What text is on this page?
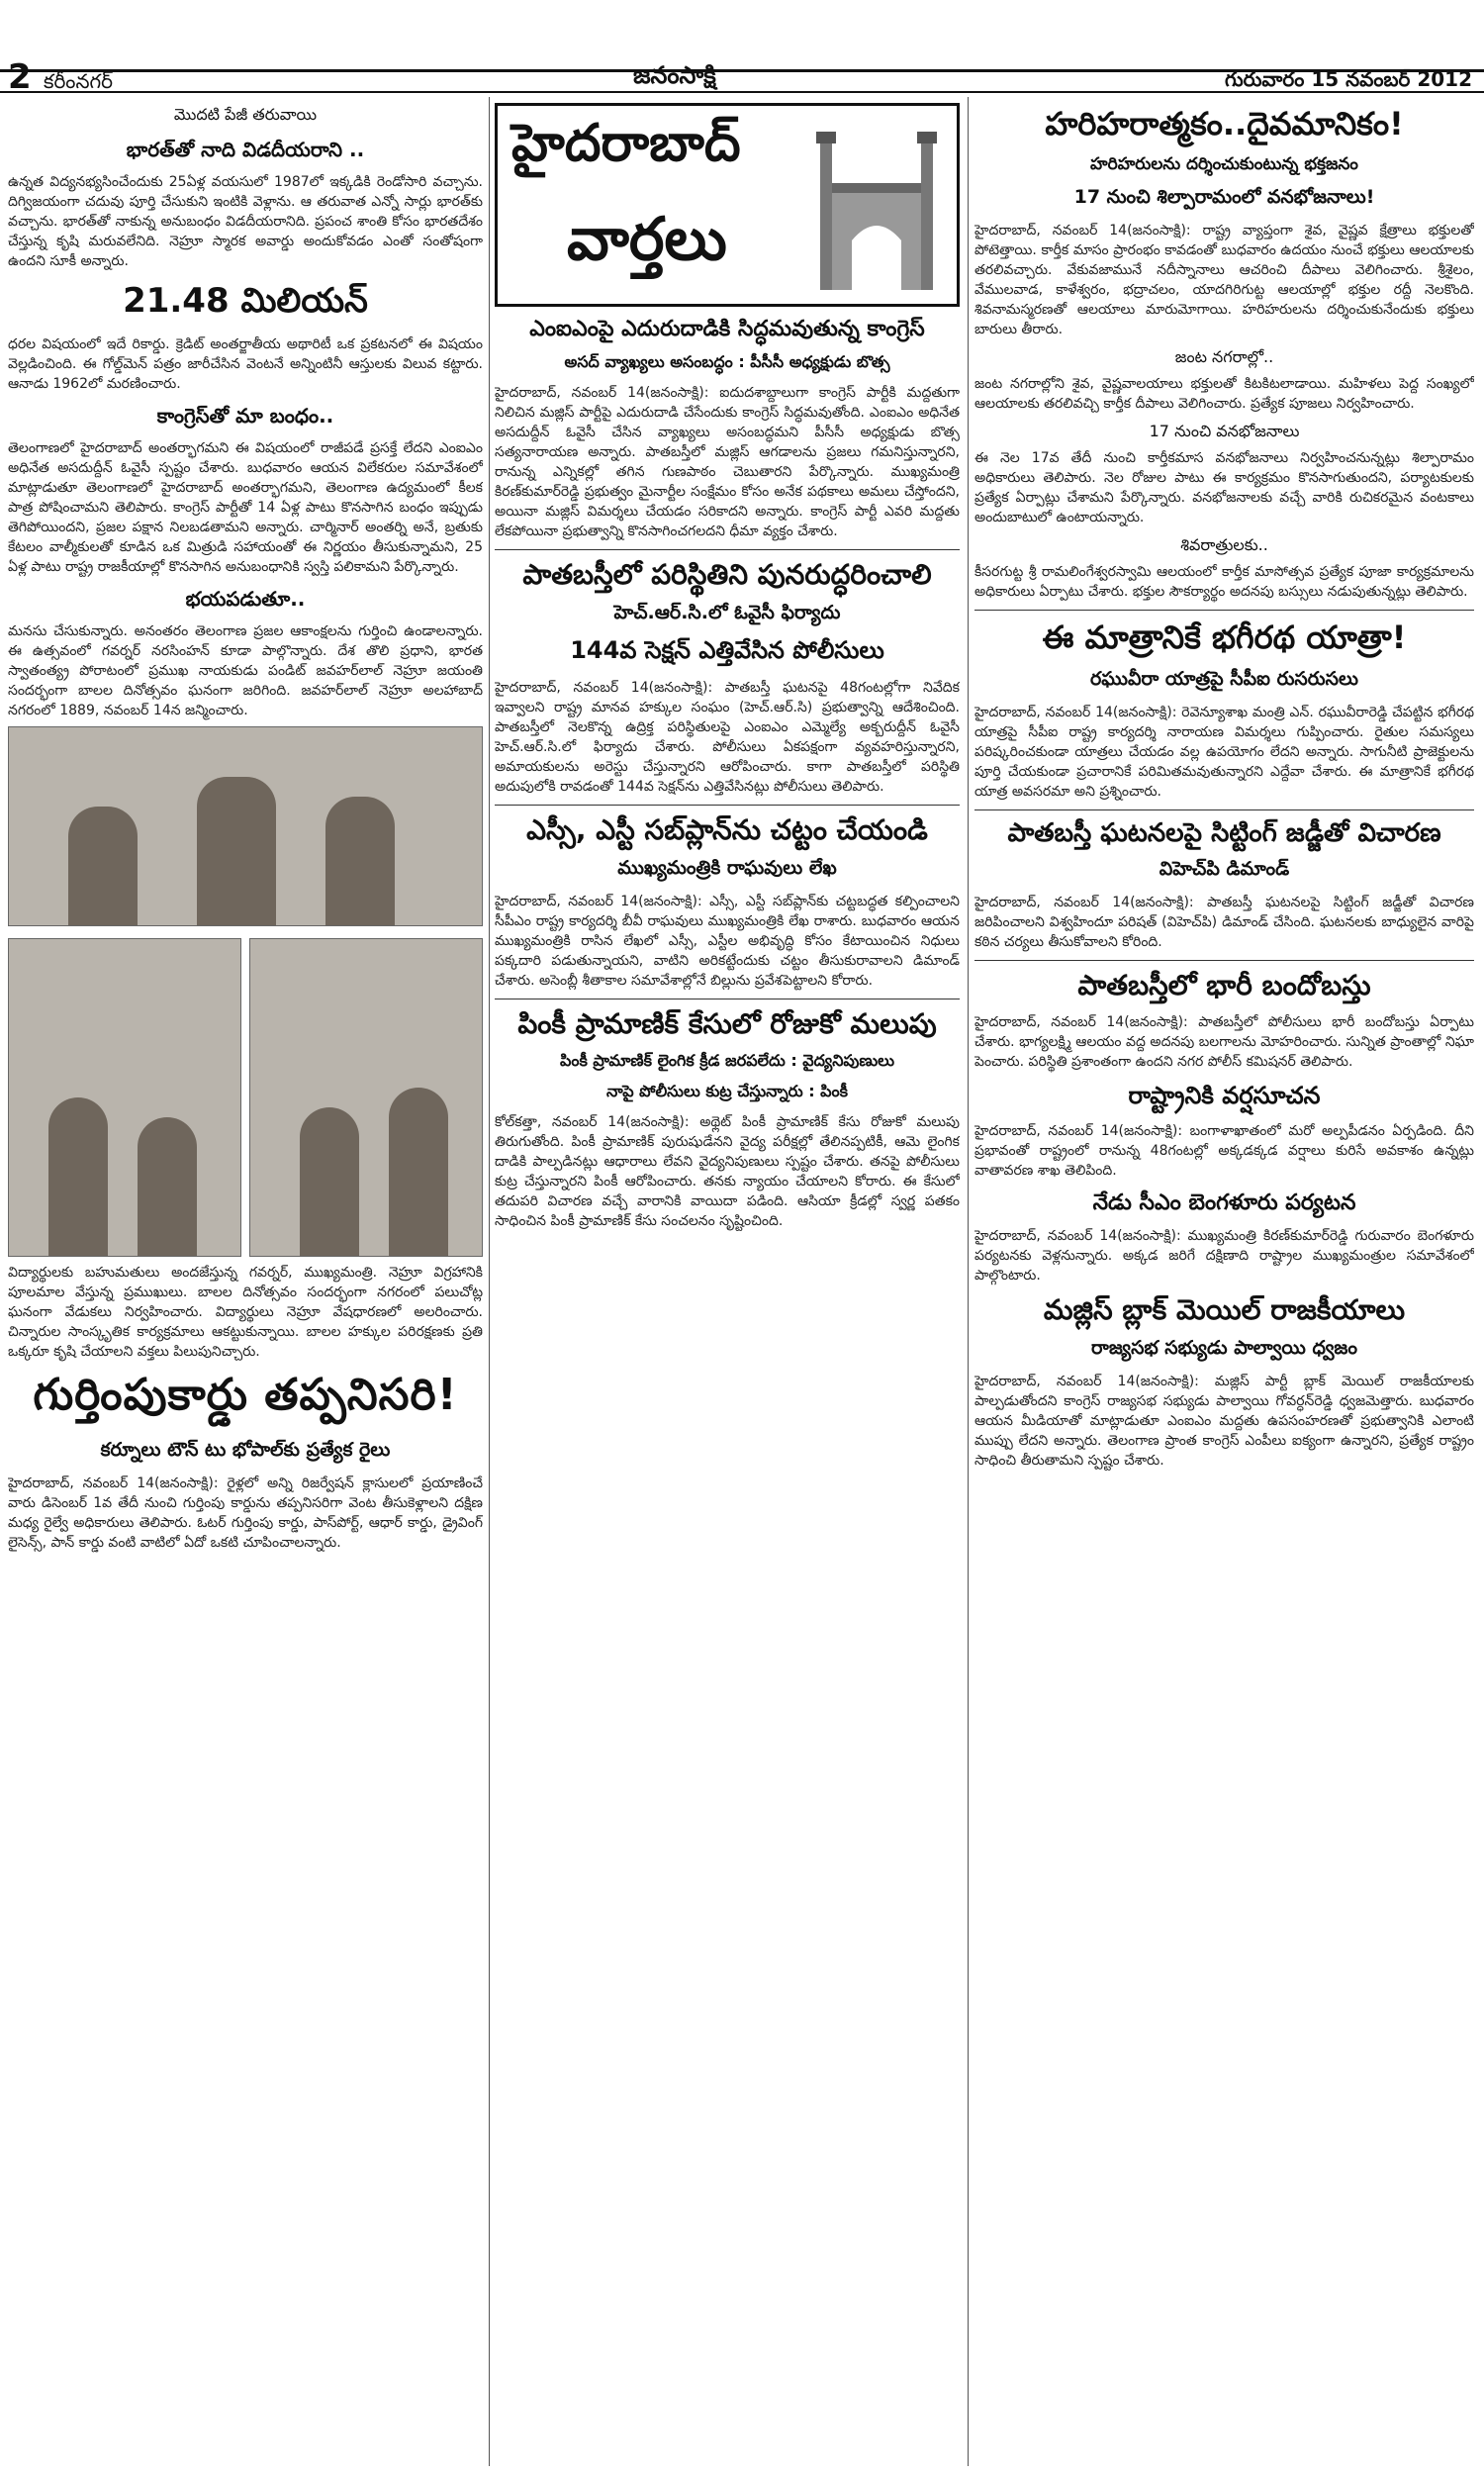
2 కరీంనగర్	జనంసాక్షి	గురువారం 15 నవంబర్ 2012
మొదటి పేజీ తరువాయి
భారత్‌తో నాది విడదీయరాని ..

ఉన్నత విద్యనభ్యసించేందుకు 25ఏళ్ల వయసులో 1987లో ఇక్కడికి రెండోసారి వచ్చాను. దిగ్విజయంగా చదువు పూర్తి చేసుకుని ఇంటికి వెళ్లాను. ఆ తరువాత ఎన్నో సార్లు భారత్‌కు వచ్చాను. భారత్‌తో నాకున్న అనుబంధం విడదీయరానిది. ప్రపంచ శాంతి కోసం భారతదేశం చేస్తున్న కృషి మరువలేనిది. నెహ్రూ స్మారక అవార్డు అందుకోవడం ఎంతో సంతోషంగా ఉందని సూకీ అన్నారు.

21.48 మిలియన్

ధరల విషయంలో ఇదే రికార్డు. క్రెడిట్ అంతర్జాతీయ అథారిటీ ఒక ప్రకటనలో ఈ విషయం వెల్లడించింది. ఈ గోల్డ్‌మెన్ పత్రం జారీచేసిన వెంటనే అన్నింటినీ ఆస్తులకు విలువ కట్టారు. ఆనాడు 1962లో మరణించారు.

కాంగ్రెస్‌తో మా బంధం..

తెలంగాణలో హైదరాబాద్ అంతర్భాగమని ఈ విషయంలో రాజీపడే ప్రసక్తే లేదని ఎంఐఎం అధినేత అసదుద్దీన్ ఓవైసీ స్పష్టం చేశారు. బుధవారం ఆయన విలేకరుల సమావేశంలో మాట్లాడుతూ తెలంగాణలో హైదరాబాద్ అంతర్భాగమని, తెలంగాణ ఉద్యమంలో కీలక పాత్ర పోషించామని తెలిపారు. కాంగ్రెస్ పార్టీతో 14 ఏళ్ల పాటు కొనసాగిన బంధం ఇప్పుడు తెగిపోయిందని, ప్రజల పక్షాన నిలబడతామని అన్నారు. చార్మినార్ అంతర్ని అనే, బ్రతుకు కేటలం వాల్మీకులతో కూడిన ఒక మిత్రుడి సహాయంతో ఈ నిర్ణయం తీసుకున్నామని, 25 ఏళ్ల పాటు రాష్ట్ర రాజకీయాల్లో కొనసాగిన అనుబంధానికి స్వస్తి పలికామని పేర్కొన్నారు.

భయపడుతూ..

మనసు చేసుకున్నారు. అనంతరం తెలంగాణ ప్రజల ఆకాంక్షలను గుర్తించి ఉండాలన్నారు. ఈ ఉత్సవంలో గవర్నర్ నరసింహన్ కూడా పాల్గొన్నారు. దేశ తొలి ప్రధాని, భారత స్వాతంత్య్ర పోరాటంలో ప్రముఖ నాయకుడు పండిట్ జవహర్‌లాల్ నెహ్రూ జయంతి సందర్భంగా బాలల దినోత్సవం ఘనంగా జరిగింది. జవహర్‌లాల్ నెహ్రూ అలహాబాద్ నగరంలో 1889, నవంబర్ 14న జన్మించారు.

విద్యార్థులకు బహుమతులు అందజేస్తున్న గవర్నర్, ముఖ్యమంత్రి. నెహ్రూ విగ్రహానికి పూలమాల వేస్తున్న ప్రముఖులు. బాలల దినోత్సవం సందర్భంగా నగరంలో పలుచోట్ల ఘనంగా వేడుకలు నిర్వహించారు. విద్యార్థులు నెహ్రూ వేషధారణలో అలరించారు. చిన్నారుల సాంస్కృతిక కార్యక్రమాలు ఆకట్టుకున్నాయి. బాలల హక్కుల పరిరక్షణకు ప్రతి ఒక్కరూ కృషి చేయాలని వక్తలు పిలుపునిచ్చారు.

గుర్తింపుకార్డు తప్పనిసరి!
కర్నూలు టౌన్ టు భోపాల్‌కు ప్రత్యేక రైలు

హైదరాబాద్, నవంబర్ 14(జనంసాక్షి): రైళ్లలో అన్ని రిజర్వేషన్ క్లాసులలో ప్రయాణించే వారు డిసెంబర్ 1వ తేదీ నుంచి గుర్తింపు కార్డును తప్పనిసరిగా వెంట తీసుకెళ్లాలని దక్షిణ మధ్య రైల్వే అధికారులు తెలిపారు. ఓటర్ గుర్తింపు కార్డు, పాస్‌పోర్ట్, ఆధార్ కార్డు, డ్రైవింగ్ లైసెన్స్, పాన్ కార్డు వంటి వాటిలో ఏదో ఒకటి చూపించాలన్నారు.

హైదరాబాద్
వార్తలు
ఎంఐఎంపై ఎదురుదాడికి సిద్ధమవుతున్న కాంగ్రెస్
అసద్ వ్యాఖ్యలు అసంబద్ధం : పీసీసీ అధ్యక్షుడు బొత్స

హైదరాబాద్, నవంబర్ 14(జనంసాక్షి): ఐదుదశాబ్దాలుగా కాంగ్రెస్ పార్టీకి మద్దతుగా నిలిచిన మజ్లిస్ పార్టీపై ఎదురుదాడి చేసేందుకు కాంగ్రెస్ సిద్ధమవుతోంది. ఎంఐఎం అధినేత అసదుద్దీన్ ఓవైసీ చేసిన వ్యాఖ్యలు అసంబద్ధమని పీసీసీ అధ్యక్షుడు బొత్స సత్యనారాయణ అన్నారు. పాతబస్తీలో మజ్లిస్ ఆగడాలను ప్రజలు గమనిస్తున్నారని, రానున్న ఎన్నికల్లో తగిన గుణపాఠం చెబుతారని పేర్కొన్నారు. ముఖ్యమంత్రి కిరణ్‌కుమార్‌రెడ్డి ప్రభుత్వం మైనార్టీల సంక్షేమం కోసం అనేక పథకాలు అమలు చేస్తోందని, అయినా మజ్లిస్ విమర్శలు చేయడం సరికాదని అన్నారు. కాంగ్రెస్ పార్టీ ఎవరి మద్దతు లేకపోయినా ప్రభుత్వాన్ని కొనసాగించగలదని ధీమా వ్యక్తం చేశారు.

పాతబస్తీలో పరిస్థితిని పునరుద్ధరించాలి
హెచ్.ఆర్.సి.లో ఓవైసీ ఫిర్యాదు
144వ సెక్షన్ ఎత్తివేసిన పోలీసులు

హైదరాబాద్, నవంబర్ 14(జనంసాక్షి): పాతబస్తీ ఘటనపై 48గంటల్లోగా నివేదిక ఇవ్వాలని రాష్ట్ర మానవ హక్కుల సంఘం (హెచ్.ఆర్.సి) ప్రభుత్వాన్ని ఆదేశించింది. పాతబస్తీలో నెలకొన్న ఉద్రిక్త పరిస్థితులపై ఎంఐఎం ఎమ్మెల్యే అక్బరుద్దీన్ ఓవైసీ హెచ్.ఆర్.సి.లో ఫిర్యాదు చేశారు. పోలీసులు ఏకపక్షంగా వ్యవహరిస్తున్నారని, అమాయకులను అరెస్టు చేస్తున్నారని ఆరోపించారు. కాగా పాతబస్తీలో పరిస్థితి అదుపులోకి రావడంతో 144వ సెక్షన్‌ను ఎత్తివేసినట్లు పోలీసులు తెలిపారు.

ఎస్సీ, ఎస్టీ సబ్‌ప్లాన్‌ను చట్టం చేయండి
ముఖ్యమంత్రికి రాఘవులు లేఖ

హైదరాబాద్, నవంబర్ 14(జనంసాక్షి): ఎస్సీ, ఎస్టీ సబ్‌ప్లాన్‌కు చట్టబద్ధత కల్పించాలని సీపీఎం రాష్ట్ర కార్యదర్శి బీవీ రాఘవులు ముఖ్యమంత్రికి లేఖ రాశారు. బుధవారం ఆయన ముఖ్యమంత్రికి రాసిన లేఖలో ఎస్సీ, ఎస్టీల అభివృద్ధి కోసం కేటాయించిన నిధులు పక్కదారి పడుతున్నాయని, వాటిని అరికట్టేందుకు చట్టం తీసుకురావాలని డిమాండ్ చేశారు. అసెంబ్లీ శీతాకాల సమావేశాల్లోనే బిల్లును ప్రవేశపెట్టాలని కోరారు.

పింకీ ప్రామాణిక్ కేసులో రోజుకో మలుపు
పింకీ ప్రామాణిక్ లైంగిక క్రీడ జరపలేదు : వైద్యనిపుణులు
నాపై పోలీసులు కుట్ర చేస్తున్నారు : పింకీ

కోల్‌కత్తా, నవంబర్ 14(జనంసాక్షి): అథ్లెట్ పింకీ ప్రామాణిక్ కేసు రోజుకో మలుపు తిరుగుతోంది. పింకీ ప్రామాణిక్ పురుషుడేనని వైద్య పరీక్షల్లో తేలినప్పటికీ, ఆమె లైంగిక దాడికి పాల్పడినట్లు ఆధారాలు లేవని వైద్యనిపుణులు స్పష్టం చేశారు. తనపై పోలీసులు కుట్ర చేస్తున్నారని పింకీ ఆరోపించారు. తనకు న్యాయం చేయాలని కోరారు. ఈ కేసులో తదుపరి విచారణ వచ్చే వారానికి వాయిదా పడింది. ఆసియా క్రీడల్లో స్వర్ణ పతకం సాధించిన పింకీ ప్రామాణిక్ కేసు సంచలనం సృష్టించింది.

హరిహరాత్మకం..దైవమానికం!
హరిహరులను దర్శించుకుంటున్న భక్తజనం
17 నుంచి శిల్పారామంలో వనభోజనాలు!

హైదరాబాద్, నవంబర్ 14(జనంసాక్షి): రాష్ట్ర వ్యాప్తంగా శైవ, వైష్ణవ క్షేత్రాలు భక్తులతో పోటెత్తాయి. కార్తీక మాసం ప్రారంభం కావడంతో బుధవారం ఉదయం నుంచే భక్తులు ఆలయాలకు తరలివచ్చారు. వేకువజామునే నదీస్నానాలు ఆచరించి దీపాలు వెలిగించారు. శ్రీశైలం, వేములవాడ, కాళేశ్వరం, భద్రాచలం, యాదగిరిగుట్ట ఆలయాల్లో భక్తుల రద్దీ నెలకొంది. శివనామస్మరణతో ఆలయాలు మారుమోగాయి. హరిహరులను దర్శించుకునేందుకు భక్తులు బారులు తీరారు.

జంట నగరాల్లో..

జంట నగరాల్లోని శైవ, వైష్ణవాలయాలు భక్తులతో కిటకిటలాడాయి. మహిళలు పెద్ద సంఖ్యలో ఆలయాలకు తరలివచ్చి కార్తీక దీపాలు వెలిగించారు. ప్రత్యేక పూజలు నిర్వహించారు.

17 నుంచి వనభోజనాలు

ఈ నెల 17వ తేదీ నుంచి కార్తీకమాస వనభోజనాలు నిర్వహించనున్నట్లు శిల్పారామం అధికారులు తెలిపారు. నెల రోజుల పాటు ఈ కార్యక్రమం కొనసాగుతుందని, పర్యాటకులకు ప్రత్యేక ఏర్పాట్లు చేశామని పేర్కొన్నారు. వనభోజనాలకు వచ్చే వారికి రుచికరమైన వంటకాలు అందుబాటులో ఉంటాయన్నారు.

శివరాత్రులకు..

కీసరగుట్ట శ్రీ రామలింగేశ్వరస్వామి ఆలయంలో కార్తీక మాసోత్సవ ప్రత్యేక పూజా కార్యక్రమాలను అధికారులు ఏర్పాటు చేశారు. భక్తుల సౌకర్యార్థం అదనపు బస్సులు నడుపుతున్నట్లు తెలిపారు.

ఈ మాత్రానికే భగీరథ యాత్రా!
రఘువీరా యాత్రపై సీపీఐ రుసరుసలు

హైదరాబాద్, నవంబర్ 14(జనంసాక్షి): రెవెన్యూశాఖ మంత్రి ఎన్. రఘువీరారెడ్డి చేపట్టిన భగీరథ యాత్రపై సీపీఐ రాష్ట్ర కార్యదర్శి నారాయణ విమర్శలు గుప్పించారు. రైతుల సమస్యలు పరిష్కరించకుండా యాత్రలు చేయడం వల్ల ఉపయోగం లేదని అన్నారు. సాగునీటి ప్రాజెక్టులను పూర్తి చేయకుండా ప్రచారానికే పరిమితమవుతున్నారని ఎద్దేవా చేశారు. ఈ మాత్రానికే భగీరథ యాత్ర అవసరమా అని ప్రశ్నించారు.

పాతబస్తీ ఘటనలపై సిట్టింగ్ జడ్జీతో విచారణ
విహెచ్‌పి డిమాండ్

హైదరాబాద్, నవంబర్ 14(జనంసాక్షి): పాతబస్తీ ఘటనలపై సిట్టింగ్ జడ్జీతో విచారణ జరిపించాలని విశ్వహిందూ పరిషత్ (విహెచ్‌పి) డిమాండ్ చేసింది. ఘటనలకు బాధ్యులైన వారిపై కఠిన చర్యలు తీసుకోవాలని కోరింది.

పాతబస్తీలో భారీ బందోబస్తు

హైదరాబాద్, నవంబర్ 14(జనంసాక్షి): పాతబస్తీలో పోలీసులు భారీ బందోబస్తు ఏర్పాటు చేశారు. భాగ్యలక్ష్మి ఆలయం వద్ద అదనపు బలగాలను మోహరించారు. సున్నిత ప్రాంతాల్లో నిఘా పెంచారు. పరిస్థితి ప్రశాంతంగా ఉందని నగర పోలీస్ కమిషనర్ తెలిపారు.

రాష్ట్రానికి వర్షసూచన

హైదరాబాద్, నవంబర్ 14(జనంసాక్షి): బంగాళాఖాతంలో మరో అల్పపీడనం ఏర్పడింది. దీని ప్రభావంతో రాష్ట్రంలో రానున్న 48గంటల్లో అక్కడక్కడ వర్షాలు కురిసే అవకాశం ఉన్నట్లు వాతావరణ శాఖ తెలిపింది.

నేడు సీఎం బెంగళూరు పర్యటన

హైదరాబాద్, నవంబర్ 14(జనంసాక్షి): ముఖ్యమంత్రి కిరణ్‌కుమార్‌రెడ్డి గురువారం బెంగళూరు పర్యటనకు వెళ్లనున్నారు. అక్కడ జరిగే దక్షిణాది రాష్ట్రాల ముఖ్యమంత్రుల సమావేశంలో పాల్గొంటారు.

మజ్లిస్ బ్లాక్ మెయిల్ రాజకీయాలు
రాజ్యసభ సభ్యుడు పాల్వాయి ధ్వజం

హైదరాబాద్, నవంబర్ 14(జనంసాక్షి): మజ్లిస్ పార్టీ బ్లాక్ మెయిల్ రాజకీయాలకు పాల్పడుతోందని కాంగ్రెస్ రాజ్యసభ సభ్యుడు పాల్వాయి గోవర్ధన్‌రెడ్డి ధ్వజమెత్తారు. బుధవారం ఆయన మీడియాతో మాట్లాడుతూ ఎంఐఎం మద్దతు ఉపసంహరణతో ప్రభుత్వానికి ఎలాంటి ముప్పు లేదని అన్నారు. తెలంగాణ ప్రాంత కాంగ్రెస్ ఎంపీలు ఐక్యంగా ఉన్నారని, ప్రత్యేక రాష్ట్రం సాధించి తీరుతామని స్పష్టం చేశారు.
